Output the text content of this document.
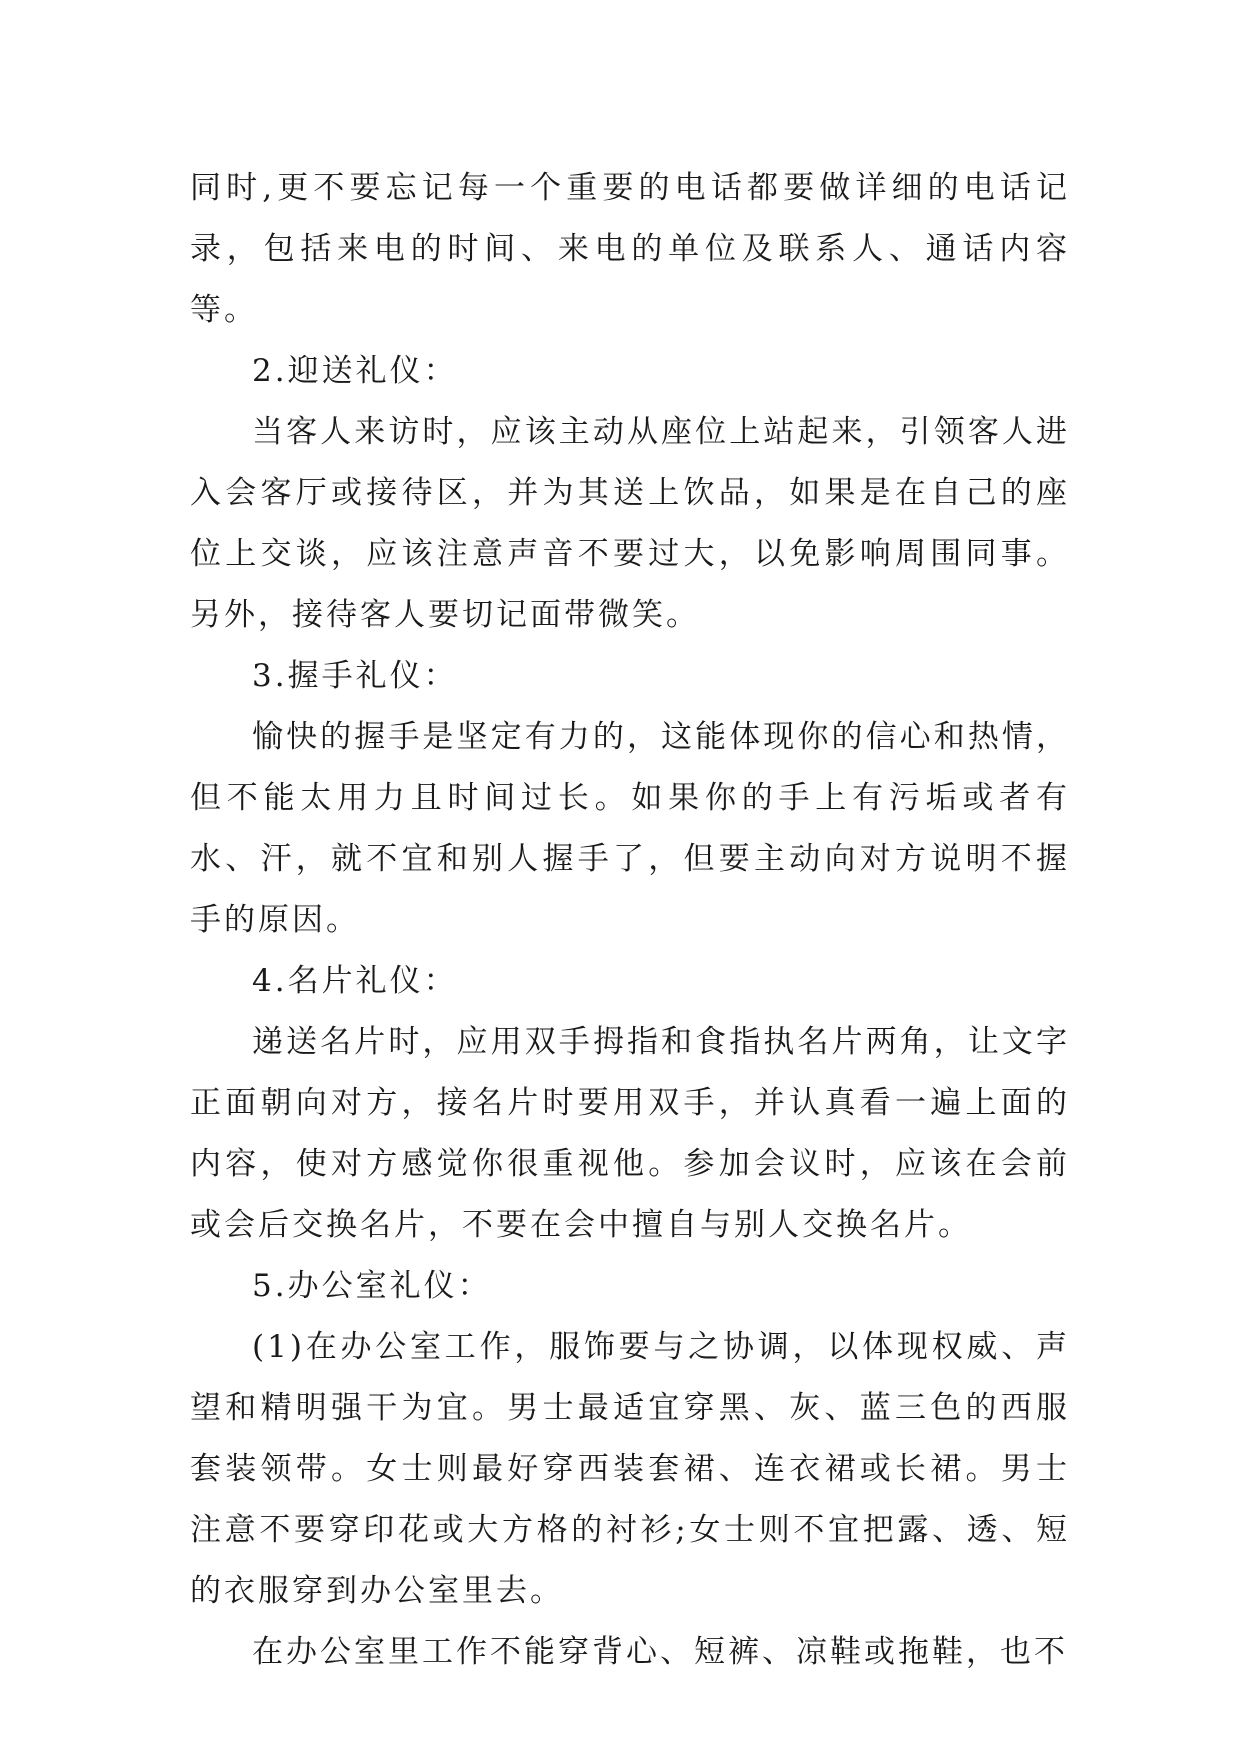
同时,更不要忘记每一个重要的电话都要做详细的电话记录，包括来电的时间、来电的单位及联系人、通话内容等。

2.迎送礼仪：

当客人来访时，应该主动从座位上站起来，引领客人进入会客厅或接待区，并为其送上饮品，如果是在自己的座位上交谈，应该注意声音不要过大，以免影响周围同事。另外，接待客人要切记面带微笑。

3.握手礼仪：

愉快的握手是坚定有力的，这能体现你的信心和热情，但不能太用力且时间过长。如果你的手上有污垢或者有水、汗，就不宜和别人握手了，但要主动向对方说明不握手的原因。

4.名片礼仪：

递送名片时，应用双手拇指和食指执名片两角，让文字正面朝向对方，接名片时要用双手，并认真看一遍上面的内容，使对方感觉你很重视他。参加会议时，应该在会前或会后交换名片，不要在会中擅自与别人交换名片。

5.办公室礼仪：

(1)在办公室工作，服饰要与之协调，以体现权威、声望和精明强干为宜。男士最适宜穿黑、灰、蓝三色的西服套装领带。女士则最好穿西装套裙、连衣裙或长裙。男士注意不要穿印花或大方格的衬衫;女士则不宜把露、透、短的衣服穿到办公室里去。

在办公室里工作不能穿背心、短裤、凉鞋或拖鞋，也不
